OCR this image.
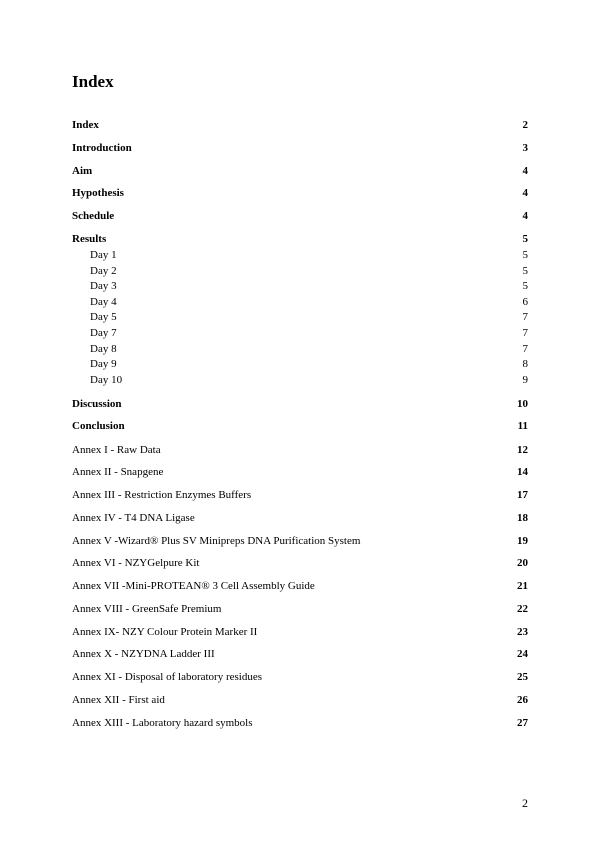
Index
Index	2
Introduction	3
Aim	4
Hypothesis	4
Schedule	4
Results	5
Day 1	5
Day 2	5
Day 3	5
Day 4	6
Day 5	7
Day 7	7
Day 8	7
Day 9	8
Day 10	9
Discussion	10
Conclusion	11
Annex I - Raw Data	12
Annex II - Snapgene	14
Annex III - Restriction Enzymes Buffers	17
Annex IV - T4 DNA Ligase	18
Annex V -Wizard® Plus SV Minipreps DNA Purification System	19
Annex VI - NZYGelpure Kit	20
Annex VII -Mini-PROTEAN® 3 Cell Assembly Guide	21
Annex VIII - GreenSafe Premium	22
Annex IX- NZY Colour Protein Marker II	23
Annex X - NZYDNA Ladder III	24
Annex XI - Disposal of laboratory residues	25
Annex XII - First aid	26
Annex XIII - Laboratory hazard symbols	27
2
